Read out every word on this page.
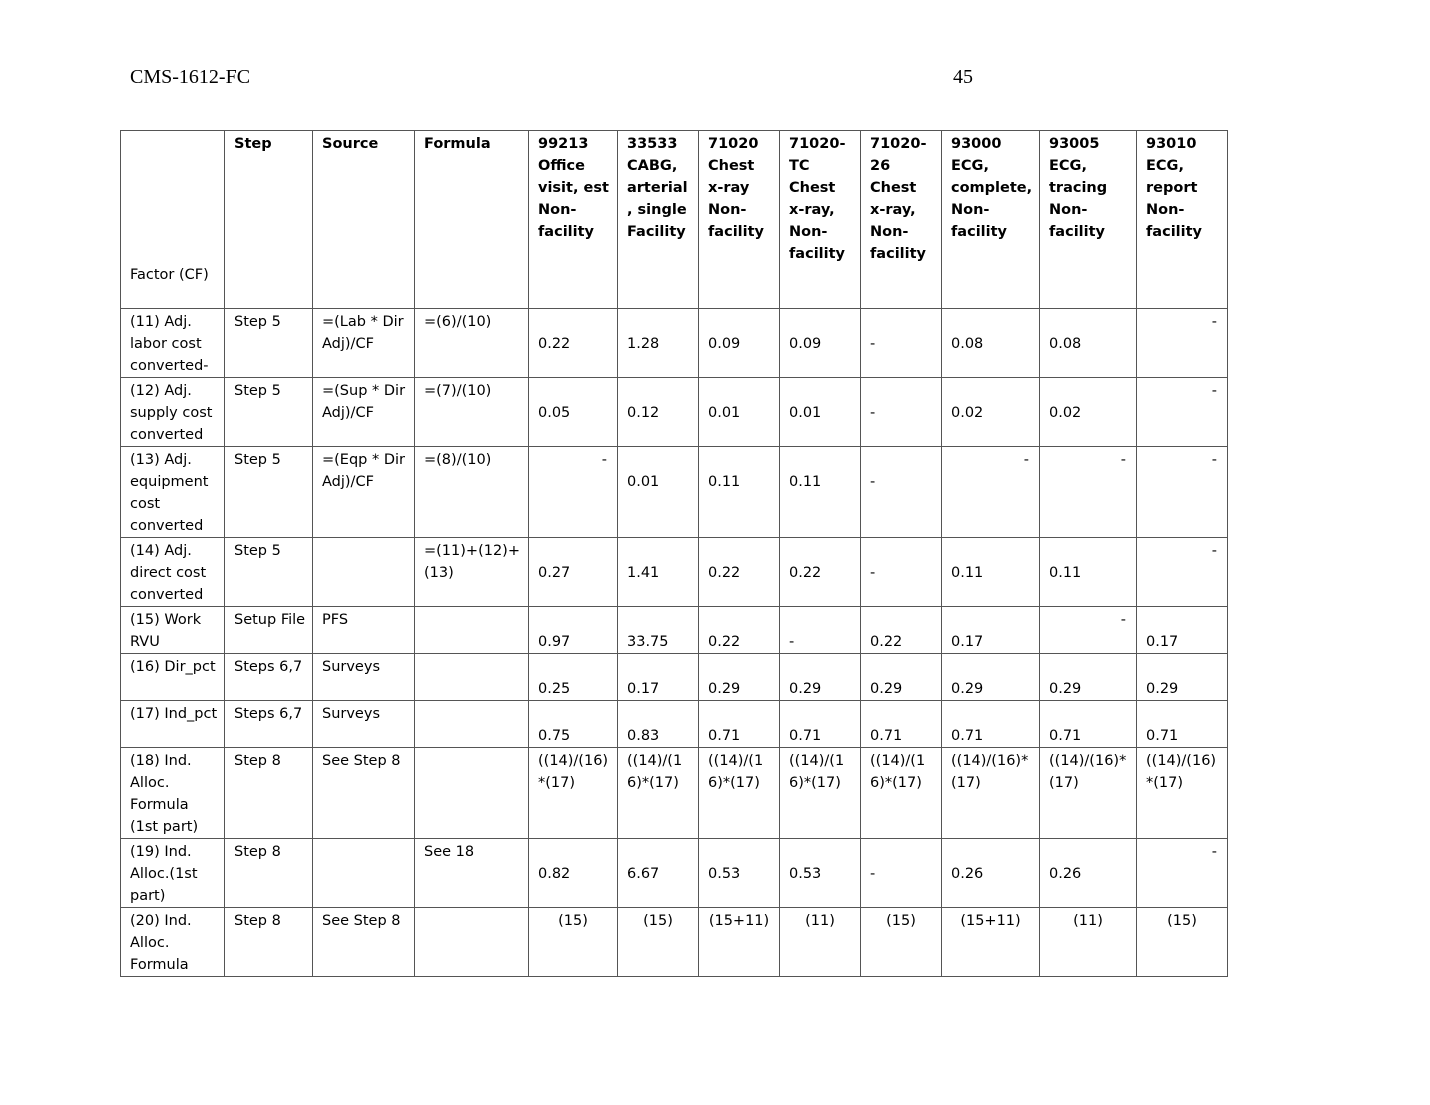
CMS-1612-FC	45
Factor (CF)	Step	Source	Formula	99213 Office visit, est Non-facility	33533 CABG, arterial, single Facility	71020 Chest x-ray Non-facility	71020-TC Chest x-ray, Non-facility	71020-26 Chest x-ray, Non-facility	93000 ECG, complete, Non-facility	93005 ECG, tracing Non-facility	93010 ECG, report Non-facility
(11) Adj. labor cost converted-	Step 5	=(Lab * Dir Adj)/CF	=(6)/(10)	0.22	1.28	0.09	0.09	-	0.08	0.08	-
(12) Adj. supply cost converted	Step 5	=(Sup * Dir Adj)/CF	=(7)/(10)	0.05	0.12	0.01	0.01	-	0.02	0.02	-
(13) Adj. equipment cost converted	Step 5	=(Eqp * Dir Adj)/CF	=(8)/(10)	-	0.01	0.11	0.11	-	-	-	-
(14) Adj. direct cost converted	Step 5		=(11)+(12)+(13)	0.27	1.41	0.22	0.22	-	0.11	0.11	-
(15) Work RVU	Setup File	PFS		0.97	33.75	0.22	-	0.22	0.17	-	0.17

(16) Dir_pct	Steps 6,7	Surveys		0.25	0.17	0.29	0.29	0.29	0.29	0.29	0.29

(17) Ind_pct	Steps 6,7	Surveys		0.75	0.83	0.71	0.71	0.71	0.71	0.71	0.71

(18) Ind. Alloc. Formula (1st part)	Step 8	See Step 8		((14)/(16)*(17)	((14)/(16)*(17)	((14)/(16)*(17)	((14)/(16)*(17)	((14)/(16)*(17)	((14)/(16)*(17)	((14)/(16)*(17)	((14)/(16)*(17)
(19) Ind. Alloc.(1st part)	Step 8		See 18	0.82	6.67	0.53	0.53	-	0.26	0.26	-
(20) Ind. Alloc. Formula	Step 8	See Step 8		(15)	(15)	(15+11)	(11)	(15)	(15+11)	(11)	(15)
